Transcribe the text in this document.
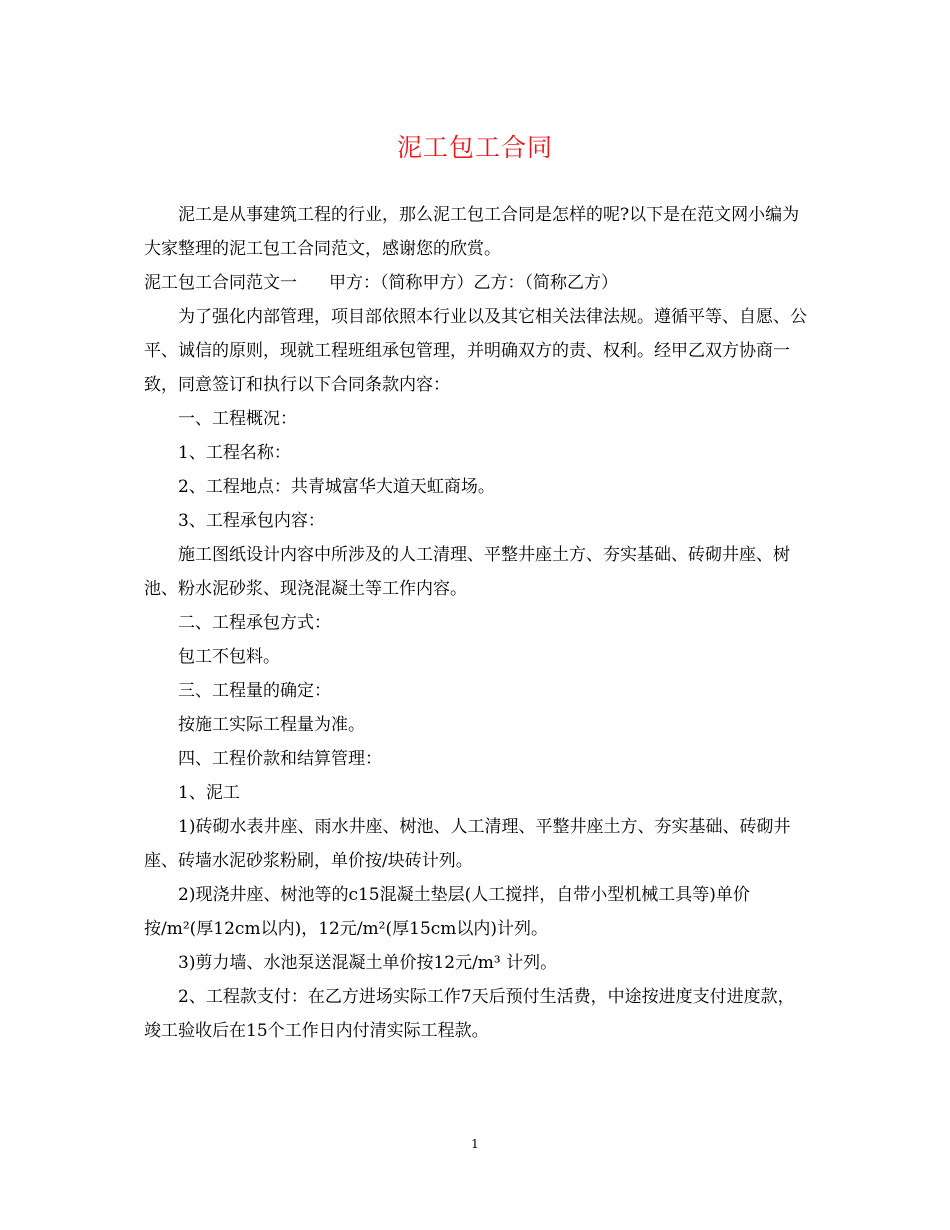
泥工包工合同

泥工是从事建筑工程的行业，那么泥工包工合同是怎样的呢?以下是在范文网小编为大家整理的泥工包工合同范文，感谢您的欣赏。

泥工包工合同范文一 甲方：（简称甲方）乙方：（简称乙方）

为了强化内部管理，项目部依照本行业以及其它相关法律法规。遵循平等、自愿、公平、诚信的原则，现就工程班组承包管理，并明确双方的责、权利。经甲乙双方协商一致，同意签订和执行以下合同条款内容：

一、工程概况：

1、工程名称：

2、工程地点：共青城富华大道天虹商场。

3、工程承包内容：

施工图纸设计内容中所涉及的人工清理、平整井座土方、夯实基础、砖砌井座、树池、粉水泥砂浆、现浇混凝土等工作内容。

二、工程承包方式：

包工不包料。

三、工程量的确定：

按施工实际工程量为准。

四、工程价款和结算管理：

1、泥工

1)砖砌水表井座、雨水井座、树池、人工清理、平整井座土方、夯实基础、砖砌井座、砖墙水泥砂浆粉刷，单价按/块砖计列。

2)现浇井座、树池等的c15混凝土垫层(人工搅拌，自带小型机械工具等)单价按/m²(厚12cm以内)，12元/m²(厚15cm以内)计列。

3)剪力墙、水池泵送混凝土单价按12元/m³ 计列。

2、工程款支付：在乙方进场实际工作7天后预付生活费，中途按进度支付进度款，竣工验收后在15个工作日内付清实际工程款。

1
